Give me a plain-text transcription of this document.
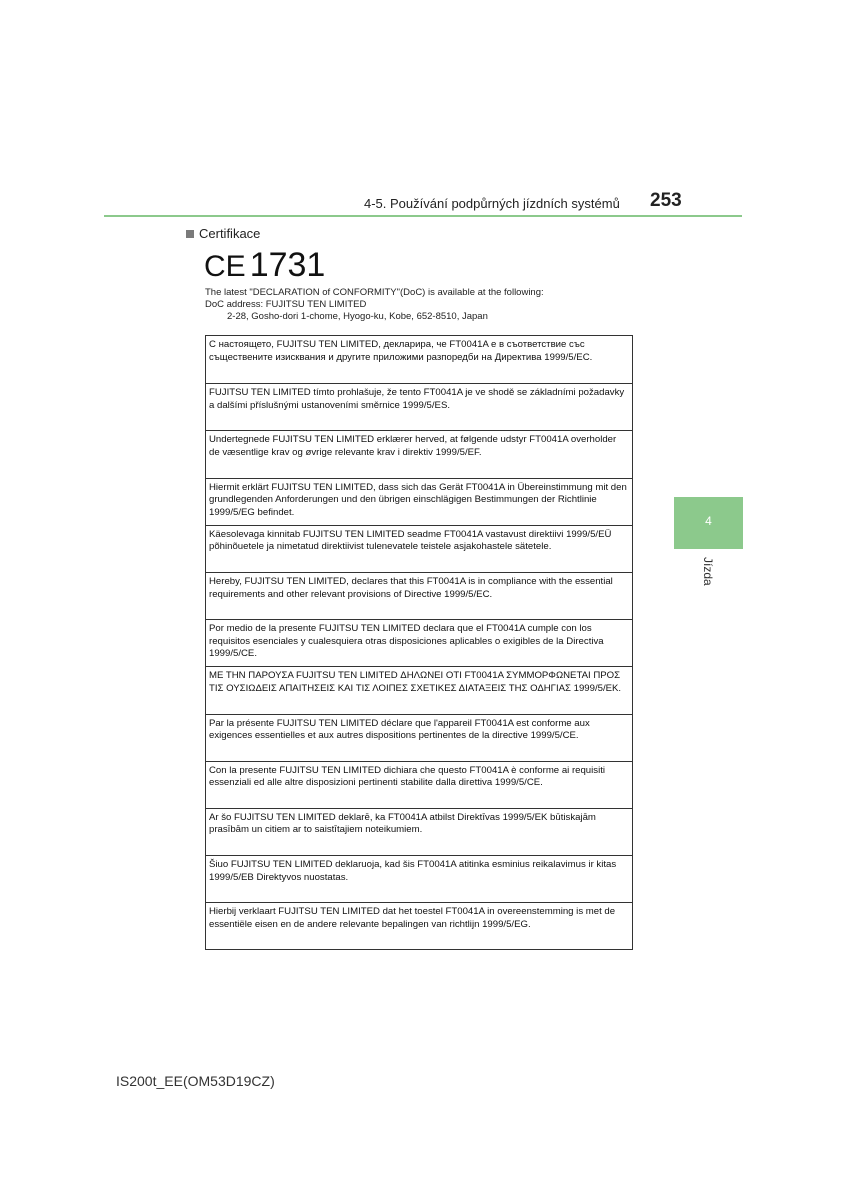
4-5. Používání podpůrných jízdních systémů 253
Certifikace
CE 1731
The latest "DECLARATION of CONFORMITY"(DoC) is available at the following:
DoC address: FUJITSU TEN LIMITED
2-28, Gosho-dori 1-chome, Hyogo-ku, Kobe, 652-8510, Japan
С настоящето, FUJITSU TEN LIMITED, декларира, че FT0041A е в съответствие със съществените изисквания и другите приложими разпоредби на Директива 1999/5/ЕС.
FUJITSU TEN LIMITED tímto prohlašuje, že tento FT0041A je ve shodě se základními požadavky a dalšími příslušnými ustanoveními směrnice 1999/5/ES.
Undertegnede FUJITSU TEN LIMITED erklærer herved, at følgende udstyr FT0041A overholder de væsentlige krav og øvrige relevante krav i direktiv 1999/5/EF.
Hiermit erklärt FUJITSU TEN LIMITED, dass sich das Gerät FT0041A in Übereinstimmung mit den grundlegenden Anforderungen und den übrigen einschlägigen Bestimmungen der Richtlinie 1999/5/EG befindet.
Käesolevaga kinnitab FUJITSU TEN LIMITED seadme FT0041A vastavust direktiivi 1999/5/EÜ põhinõuetele ja nimetatud direktiivist tulenevatele teistele asjakohastele sätetele.
Hereby, FUJITSU TEN LIMITED, declares that this FT0041A is in compliance with the essential requirements and other relevant provisions of Directive 1999/5/EC.
Por medio de la presente FUJITSU TEN LIMITED declara que el FT0041A cumple con los requisitos esenciales y cualesquiera otras disposiciones aplicables o exigibles de la Directiva 1999/5/CE.
ΜΕ ΤΗΝ ΠΑΡΟΥΣΑ FUJITSU TEN LIMITED ΔΗΛΩΝΕΙ ΟΤΙ FT0041A ΣΥΜΜΟΡΦΩΝΕΤΑΙ ΠΡΟΣ ΤΙΣ ΟΥΣΙΩΔΕΙΣ ΑΠΑΙΤΗΣΕΙΣ ΚΑΙ ΤΙΣ ΛΟΙΠΕΣ ΣΧΕΤΙΚΕΣ ΔΙΑΤΑΞΕΙΣ ΤΗΣ ΟΔΗΓΙΑΣ 1999/5/ΕΚ.
Par la présente FUJITSU TEN LIMITED déclare que l'appareil FT0041A est conforme aux exigences essentielles et aux autres dispositions pertinentes de la directive 1999/5/CE.
Con la presente FUJITSU TEN LIMITED dichiara che questo FT0041A è conforme ai requisiti essenziali ed alle altre disposizioni pertinenti stabilite dalla direttiva 1999/5/CE.
Ar šo FUJITSU TEN LIMITED deklarē, ka FT0041A atbilst Direktīvas 1999/5/EK būtiskajām prasībām un citiem ar to saistītajiem noteikumiem.
Šiuo FUJITSU TEN LIMITED deklaruoja, kad šis FT0041A atitinka esminius reikalavimus ir kitas 1999/5/EB Direktyvos nuostatas.
Hierbij verklaart FUJITSU TEN LIMITED dat het toestel FT0041A in overeenstemming is met de essentiële eisen en de andere relevante bepalingen van richtlijn 1999/5/EG.
4
Jízda
IS200t_EE(OM53D19CZ)
